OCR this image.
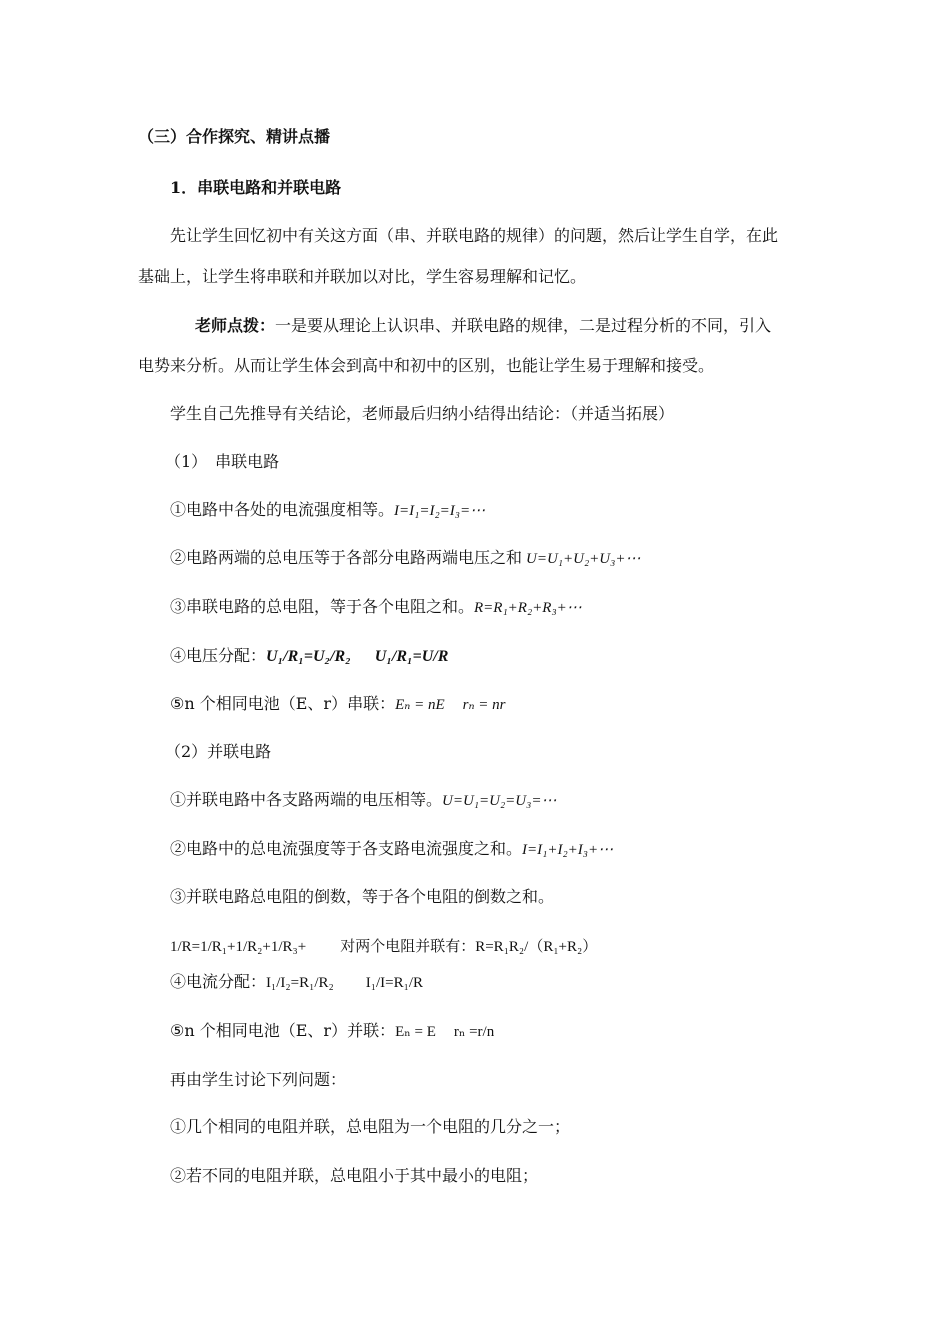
（三）合作探究、精讲点播
1．串联电路和并联电路
先让学生回忆初中有关这方面（串、并联电路的规律）的问题，然后让学生自学，在此
基础上，让学生将串联和并联加以对比，学生容易理解和记忆。
老师点拨：一是要从理论上认识串、并联电路的规律，二是过程分析的不同，引入
电势来分析。从而让学生体会到高中和初中的区别，也能让学生易于理解和接受。
学生自己先推导有关结论，老师最后归纳小结得出结论：（并适当拓展）
（1）　串联电路
①电路中各处的电流强度相等。I=I₁=I₂=I₃=⋯
②电路两端的总电压等于各部分电路两端电压之和 U=U₁+U₂+U₃+⋯
③串联电路的总电阻，等于各个电阻之和。R=R₁+R₂+R₃+⋯
④电压分配：U₁/R₁=U₂/R₂ U₁/R₁=U/R
⑤n 个相同电池（E、r）串联：Eₙ = nE rₙ = nr
（2）并联电路
①并联电路中各支路两端的电压相等。U=U₁=U₂=U₃=⋯
②电路中的总电流强度等于各支路电流强度之和。I=I₁+I₂+I₃+⋯
③并联电路总电阻的倒数，等于各个电阻的倒数之和。
1/R=1/R₁+1/R₂+1/R₃+ 对两个电阻并联有：R=R₁R₂/（R₁+R₂）
④电流分配：I₁/I₂=R₁/R₂ I₁/I=R₁/R
⑤n 个相同电池（E、r）并联：Eₙ = E rₙ =r/n
再由学生讨论下列问题：
①几个相同的电阻并联，总电阻为一个电阻的几分之一；
②若不同的电阻并联，总电阻小于其中最小的电阻；
